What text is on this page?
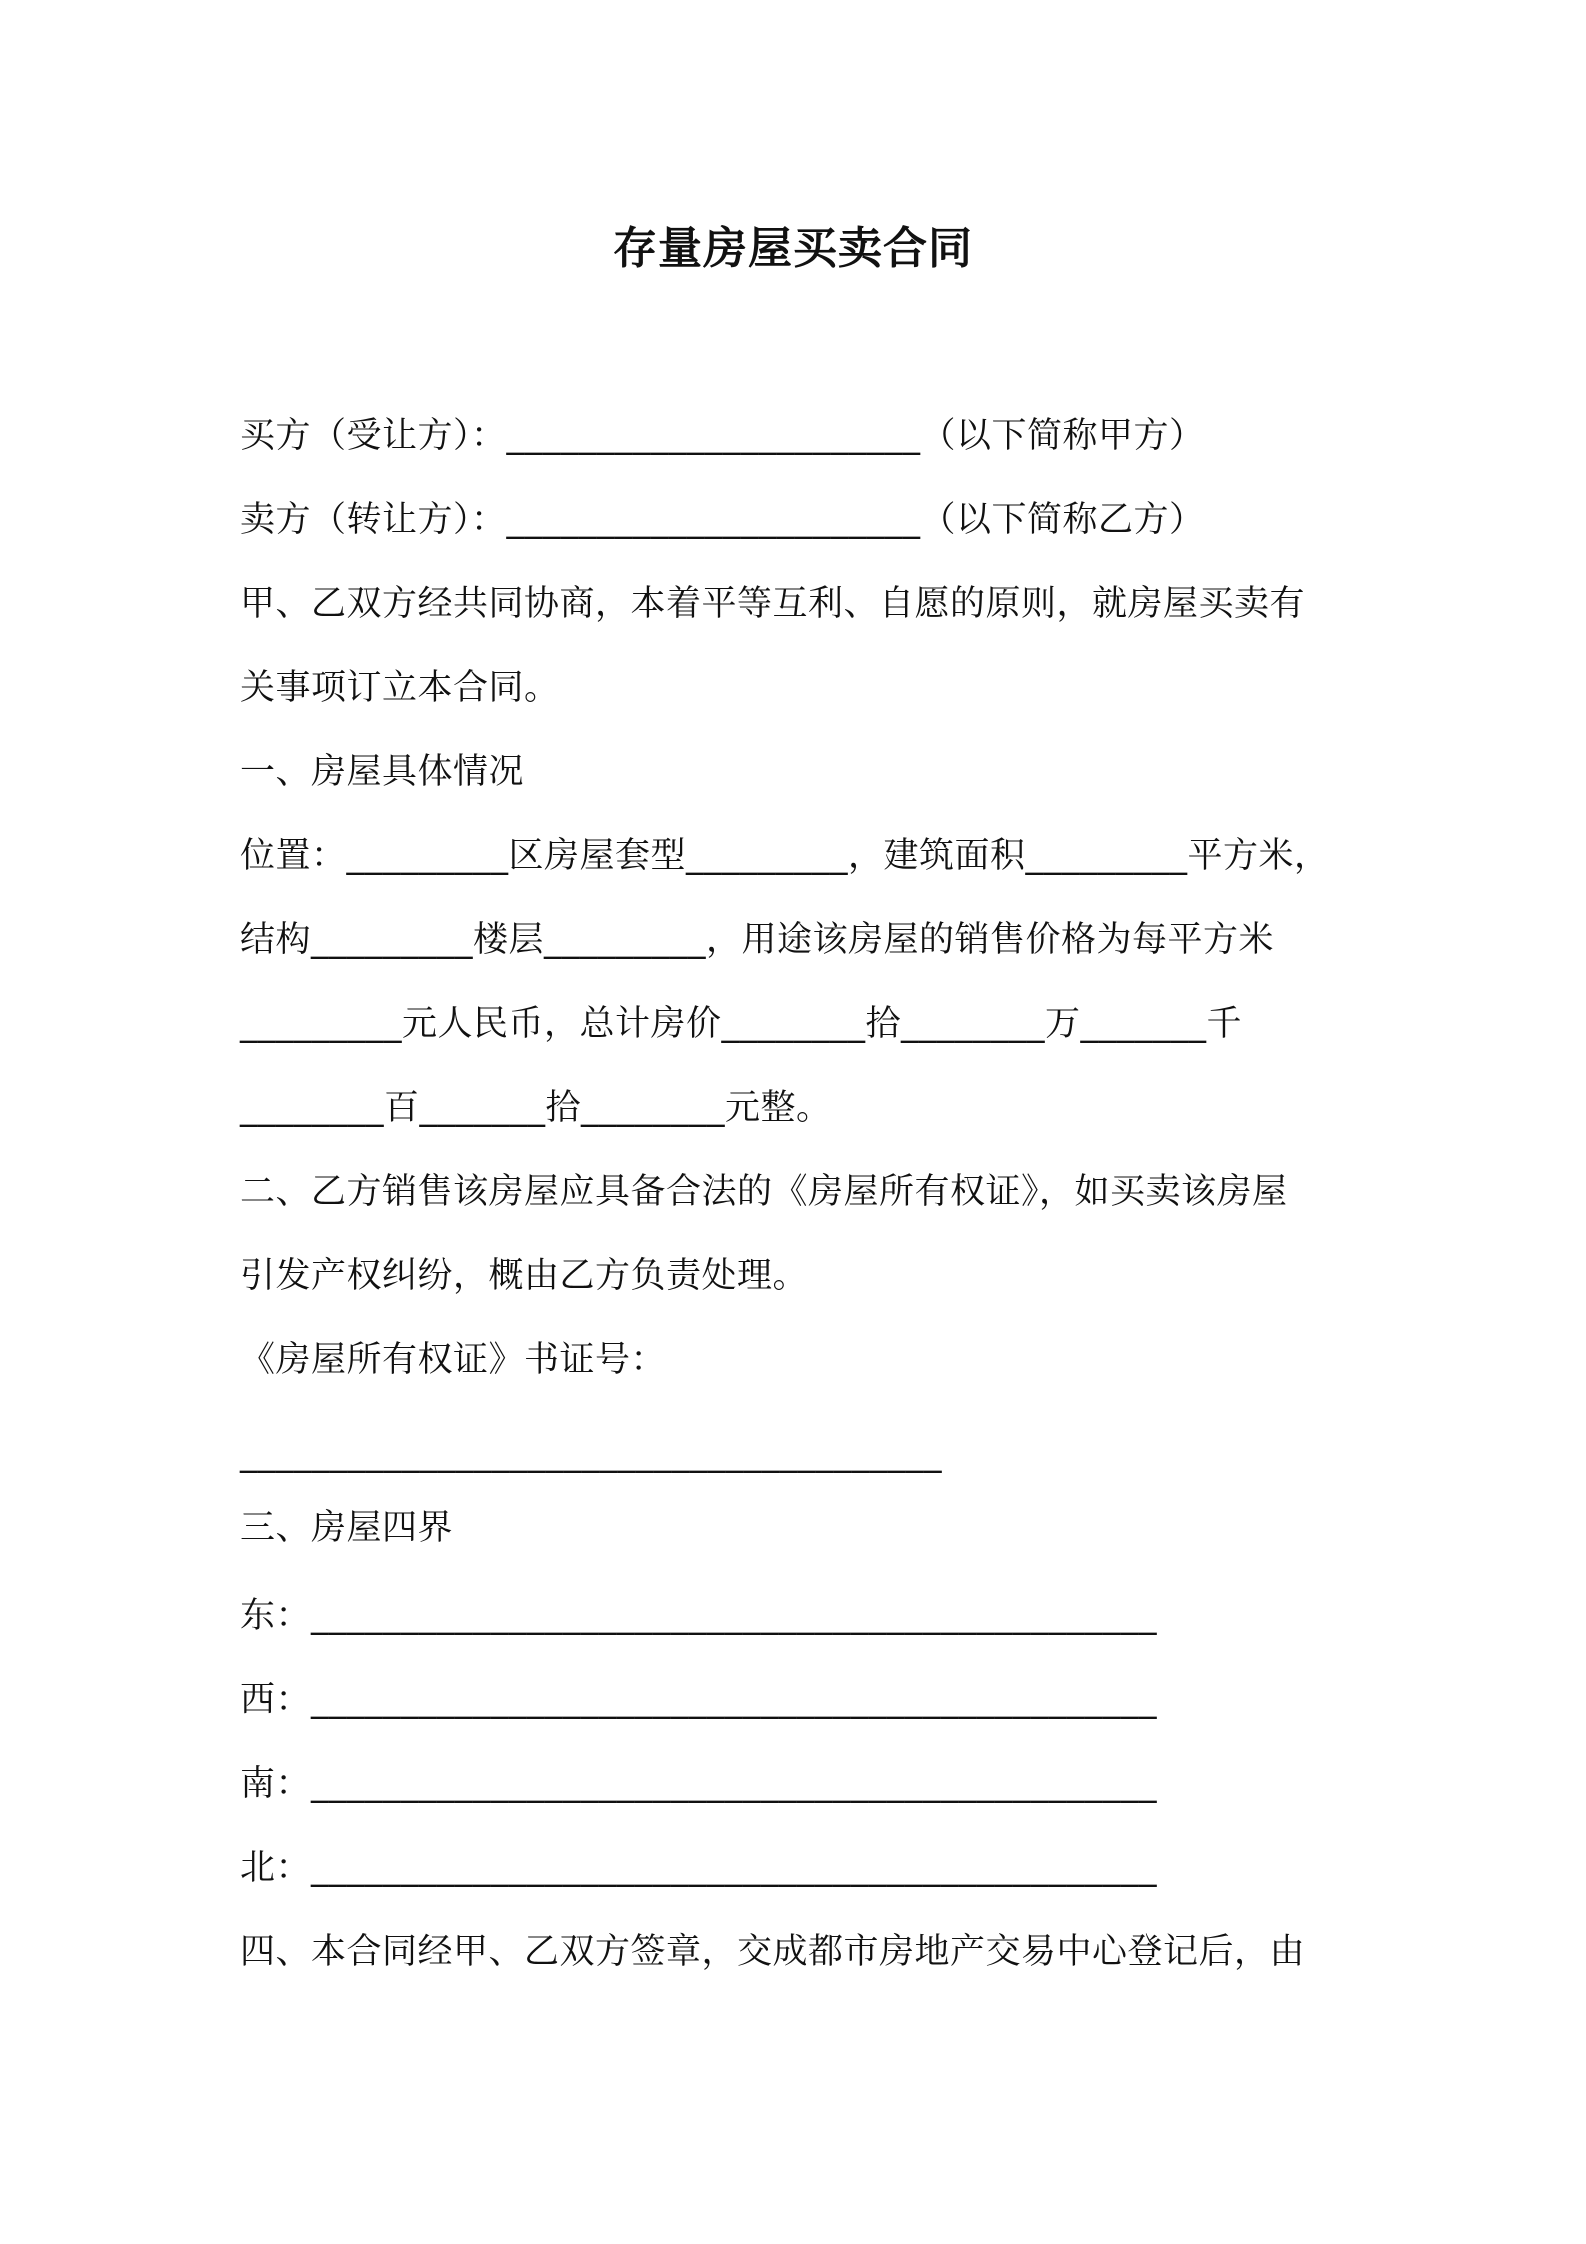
存量房屋买卖合同
买方（受让方）：_______________________（以下简称甲方）
卖方（转让方）：_______________________（以下简称乙方）
甲、乙双方经共同协商，本着平等互利、自愿的原则，就房屋买卖有
关事项订立本合同。
一、房屋具体情况
位置：_________区房屋套型_________，建筑面积_________平方米，
结构_________楼层_________，用途该房屋的销售价格为每平方米
_________元人民币，总计房价________拾________万_______千
________百_______拾________元整。
二、乙方销售该房屋应具备合法的《房屋所有权证》，如买卖该房屋
引发产权纠纷，概由乙方负责处理。
《房屋所有权证》书证号：
_______________________________________
三、房屋四界
东：_______________________________________________
西：_______________________________________________
南：_______________________________________________
北：_______________________________________________
四、本合同经甲、乙双方签章，交成都市房地产交易中心登记后，由
